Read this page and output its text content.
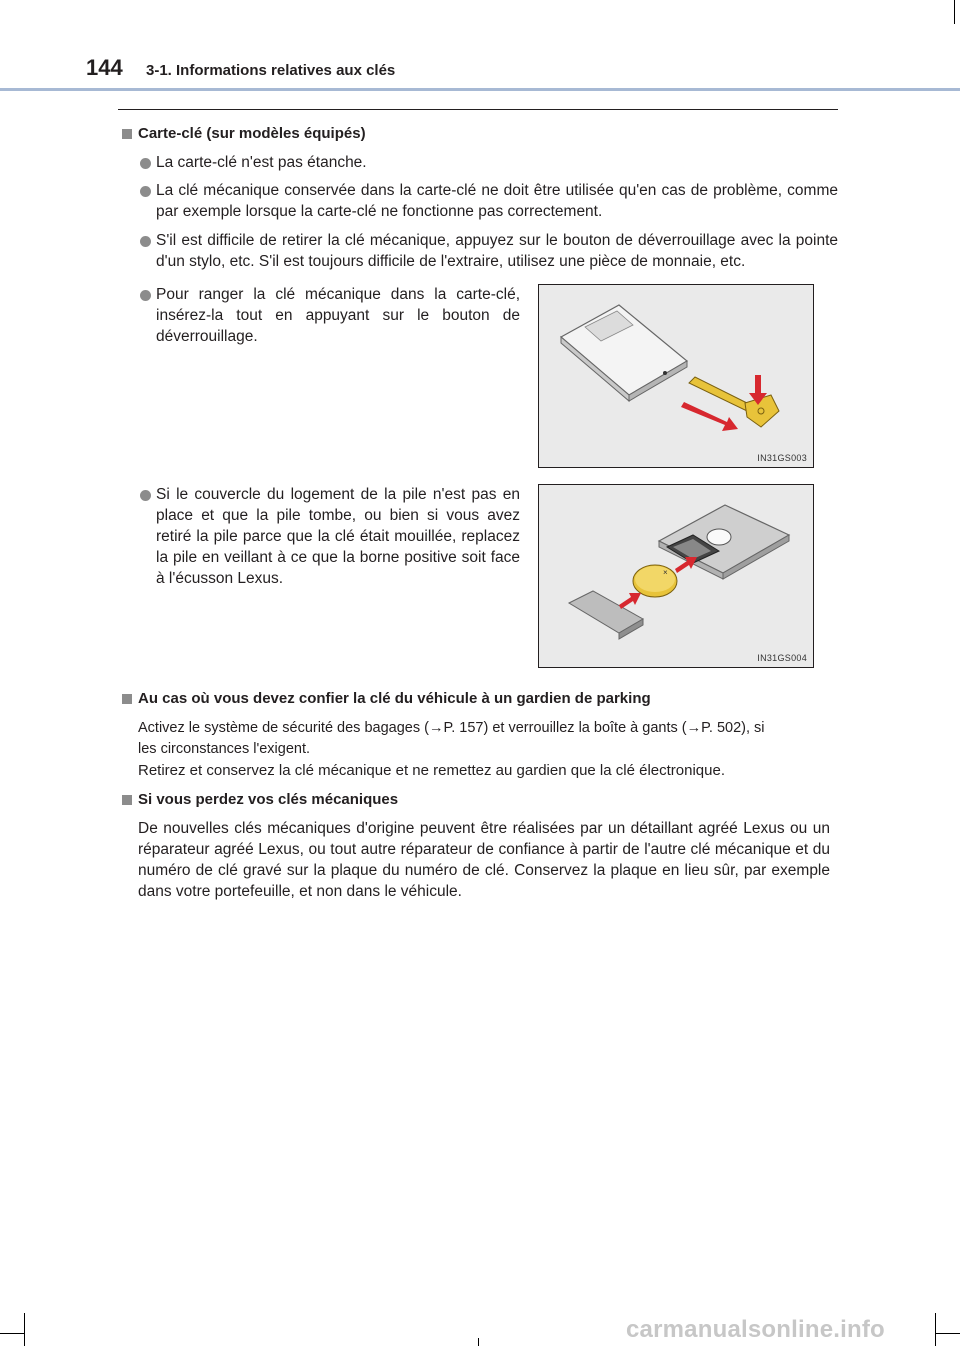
144 3-1. Informations relatives aux clés
Carte-clé (sur modèles équipés)
La carte-clé n'est pas étanche.
La clé mécanique conservée dans la carte-clé ne doit être utilisée qu'en cas de problème, comme par exemple lorsque la carte-clé ne fonctionne pas correctement.
S'il est difficile de retirer la clé mécanique, appuyez sur le bouton de déverrouillage avec la pointe d'un stylo, etc. S'il est toujours difficile de l'extraire, utilisez une pièce de monnaie, etc.
Pour ranger la clé mécanique dans la carte-clé, insérez-la tout en appuyant sur le bouton de déverrouillage.
Si le couvercle du logement de la pile n'est pas en place et que la pile tombe, ou bien si vous avez retiré la pile parce que la clé était mouillée, replacez la pile en veillant à ce que la borne positive soit face à l'écusson Lexus.
IN31GS003
×
IN31GS004
Au cas où vous devez confier la clé du véhicule à un gardien de parking
Activez le système de sécurité des bagages (→P. 157) et verrouillez la boîte à gants (→P. 502), si
les circonstances l'exigent.
Retirez et conservez la clé mécanique et ne remettez au gardien que la clé électronique.
Si vous perdez vos clés mécaniques
De nouvelles clés mécaniques d'origine peuvent être réalisées par un détaillant agréé Lexus ou un réparateur agréé Lexus, ou tout autre réparateur de confiance à partir de l'autre clé mécanique et du numéro de clé gravé sur la plaque du numéro de clé. Conservez la plaque en lieu sûr, par exemple dans votre portefeuille, et non dans le véhicule.
carmanualsonline.info
